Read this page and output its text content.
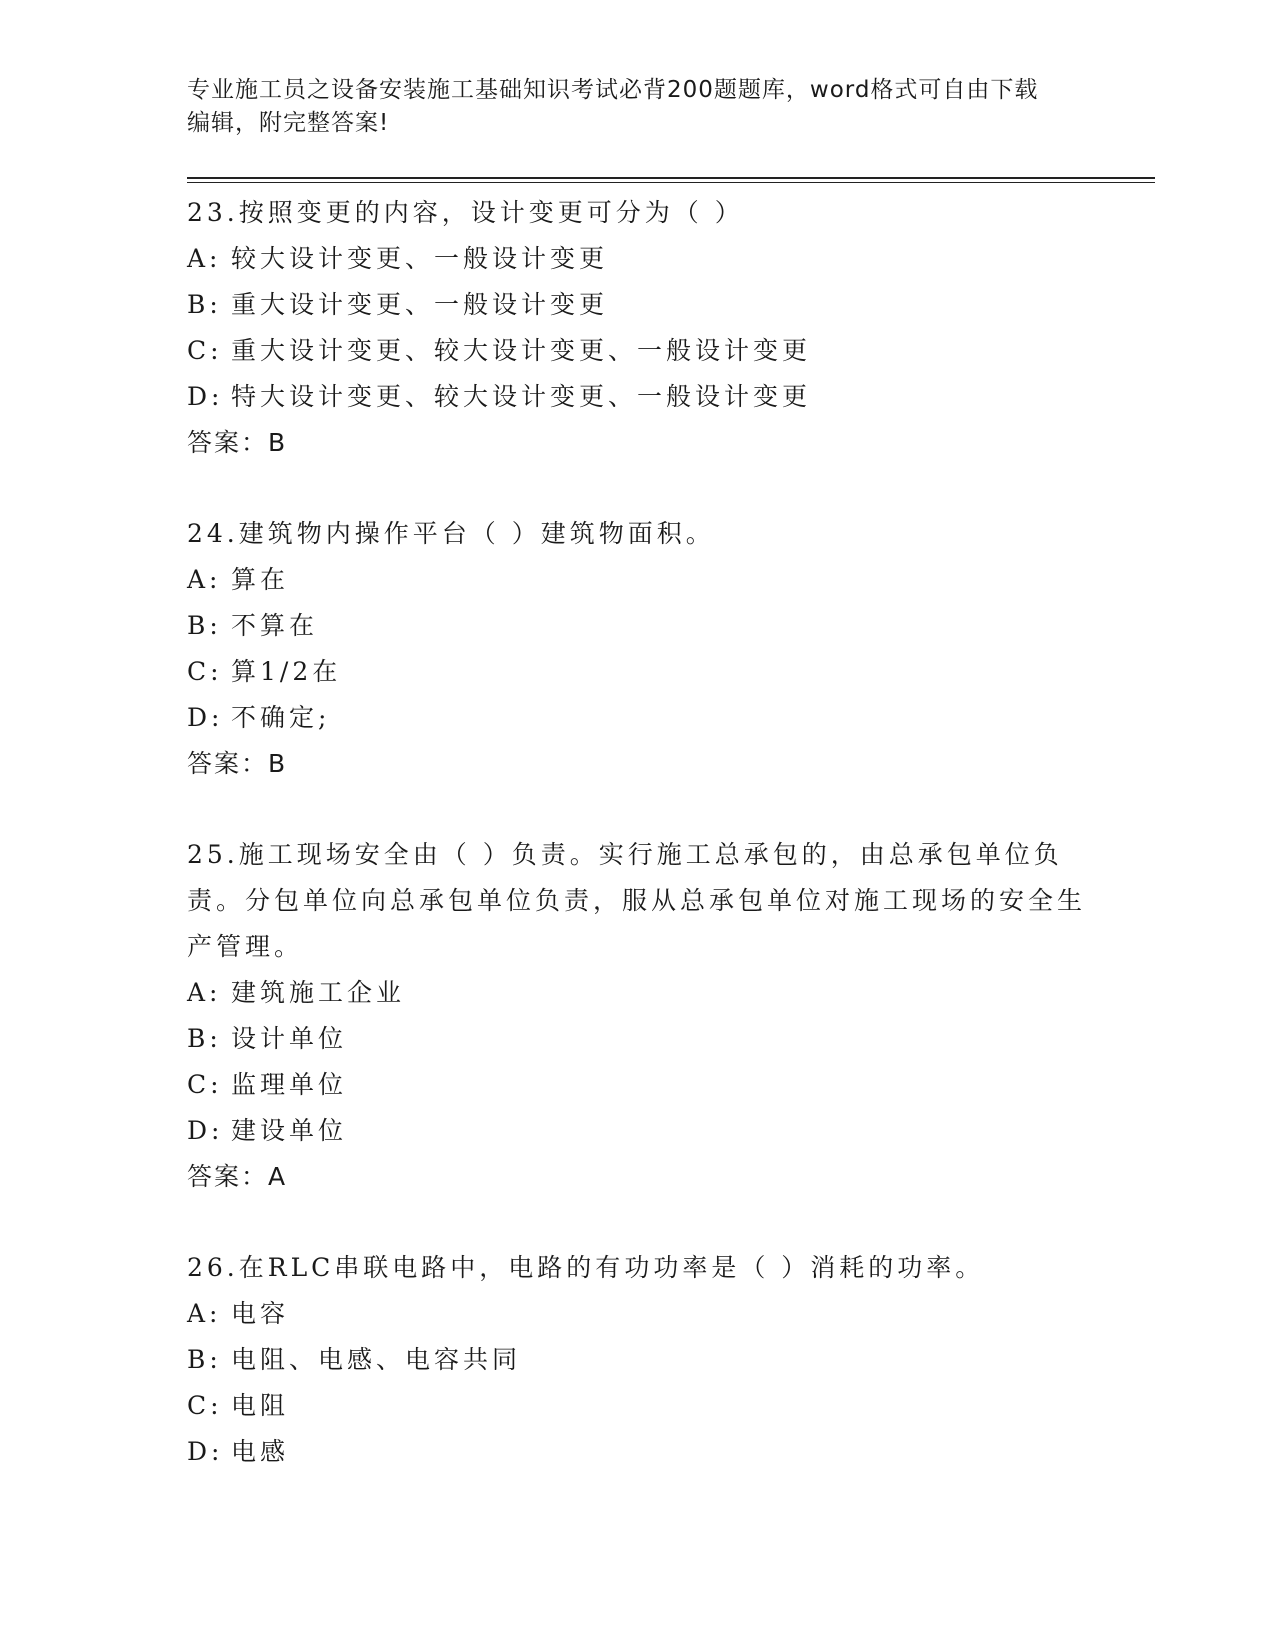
专业施工员之设备安装施工基础知识考试必背200题题库，word格式可自由下载
编辑，附完整答案!
23.按照变更的内容，设计变更可分为（ ）
A: 较大设计变更、一般设计变更
B: 重大设计变更、一般设计变更
C: 重大设计变更、较大设计变更、一般设计变更
D: 特大设计变更、较大设计变更、一般设计变更
答案：B
24.建筑物内操作平台（ ）建筑物面积。
A: 算在
B: 不算在
C: 算1/2在
D: 不确定;
答案：B
25.施工现场安全由（ ）负责。实行施工总承包的，由总承包单位负责。分包单位向总承包单位负责，服从总承包单位对施工现场的安全生产管理。
A: 建筑施工企业
B: 设计单位
C: 监理单位
D: 建设单位
答案：A
26.在RLC串联电路中，电路的有功功率是（ ）消耗的功率。
A: 电容
B: 电阻、电感、电容共同
C: 电阻
D: 电感
